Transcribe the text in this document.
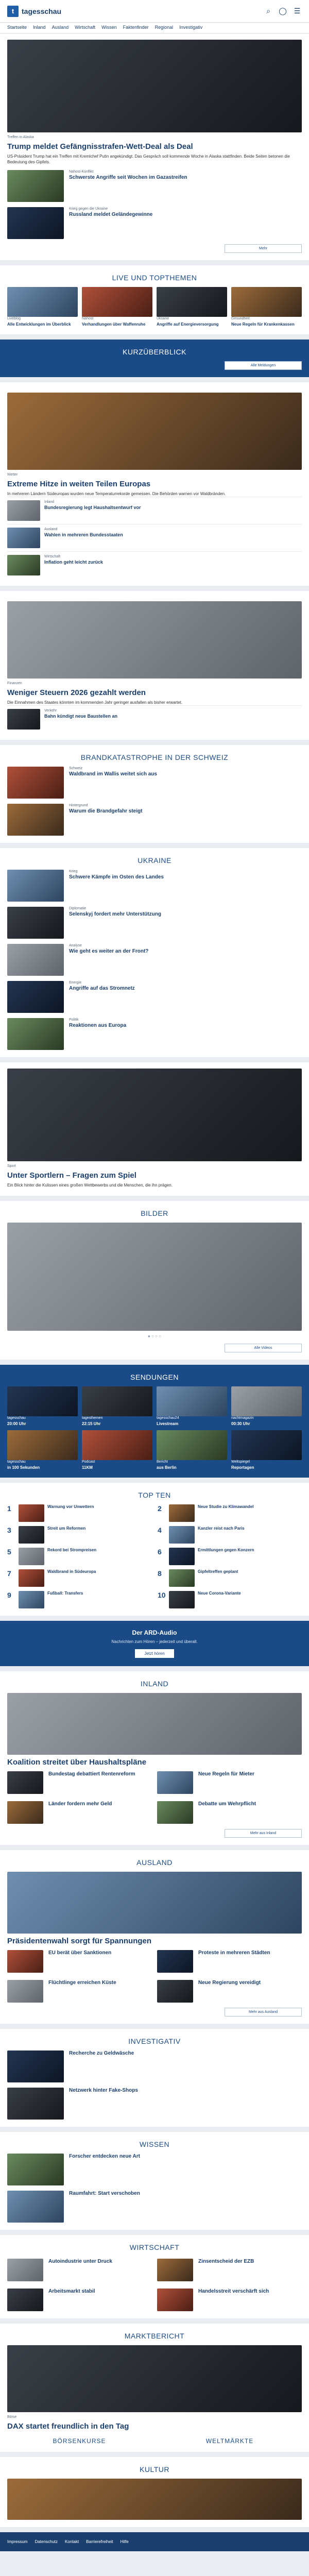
t	tagesschau	⌕	◯ ☰
Startseite Inland Ausland Wirtschaft Wissen Faktenfinder Regional Investigativ
Treffen in Alaska
Trump meldet Gefängnisstrafen-Wett-Deal als Deal
US-Präsident Trump hat ein Treffen mit Kremlchef Putin angekündigt. Das Gespräch soll kommende Woche in Alaska stattfinden. Beide Seiten betonen die Bedeutung des Gipfels.
Nahost-Konflikt
Schwerste Angriffe seit Wochen im Gazastreifen
Krieg gegen die Ukraine
Russland meldet Geländegewinne
Mehr
LIVE UND TOPTHEMEN
Liveblog
Alle Entwicklungen im Überblick
Nahost
Verhandlungen über Waffenruhe
Ukraine
Angriffe auf Energieversorgung
Gesundheit
Neue Regeln für Krankenkassen
KURZÜBERBLICK
Alle Meldungen
Wetter
Extreme Hitze in weiten Teilen Europas
In mehreren Ländern Südeuropas wurden neue Temperaturrekorde gemessen. Die Behörden warnen vor Waldbränden.
Inland
Bundesregierung legt Haushaltsentwurf vor
Ausland
Wahlen in mehreren Bundesstaaten
Wirtschaft
Inflation geht leicht zurück
Finanzen
Weniger Steuern 2026 gezahlt werden
Die Einnahmen des Staates könnten im kommenden Jahr geringer ausfallen als bisher erwartet.
Verkehr
Bahn kündigt neue Baustellen an
BRANDKATASTROPHE IN DER SCHWEIZ
Schweiz
Waldbrand im Wallis weitet sich aus
Hintergrund
Warum die Brandgefahr steigt
UKRAINE
Krieg
Schwere Kämpfe im Osten des Landes
Diplomatie
Selenskyj fordert mehr Unterstützung
Analyse
Wie geht es weiter an der Front?
Energie
Angriffe auf das Stromnetz
Politik
Reaktionen aus Europa
Sport
Unter Sportlern – Fragen zum Spiel
Ein Blick hinter die Kulissen eines großen Wettbewerbs und die Menschen, die ihn prägen.
BILDER
● ○ ○ ○
Alle Videos
SENDUNGEN
tagesschau
20:00 Uhr
tagesthemen
22:15 Uhr
tagesschau24
Livestream
nachtmagazin
00:30 Uhr
tagesschau
in 100 Sekunden
Podcast
11KM
Bericht
aus Berlin
Weltspiegel
Reportagen
TOP TEN
1	Warnung vor Unwettern	2	Neue Studie zu Klimawandel
3	Streit um Reformen	4	Kanzler reist nach Paris
5	Rekord bei Strompreisen	6	Ermittlungen gegen Konzern
7	Waldbrand in Südeuropa	8	Gipfeltreffen geplant
9	Fußball: Transfers	10	Neue Corona-Variante
Der ARD-Audio
Nachrichten zum Hören – jederzeit und überall.
Jetzt hören
INLAND
Koalition streitet über Haushaltspläne
Bundestag debattiert Rentenreform	Neue Regeln für Mieter
Länder fordern mehr Geld	Debatte um Wehrpflicht
Mehr aus Inland
AUSLAND
Präsidentenwahl sorgt für Spannungen
EU berät über Sanktionen	Proteste in mehreren Städten
Flüchtlinge erreichen Küste	Neue Regierung vereidigt
Mehr aus Ausland
INVESTIGATIV
Recherche zu Geldwäsche
Netzwerk hinter Fake-Shops
WISSEN
Forscher entdecken neue Art
Raumfahrt: Start verschoben
WIRTSCHAFT
Autoindustrie unter Druck	Zinsentscheid der EZB
Arbeitsmarkt stabil	Handelsstreit verschärft sich
MARKTBERICHT
Börse
DAX startet freundlich in den Tag
BÖRSENKURSE	WELTMÄRKTE
KULTUR
Impressum Datenschutz Kontakt Barrierefreiheit Hilfe
